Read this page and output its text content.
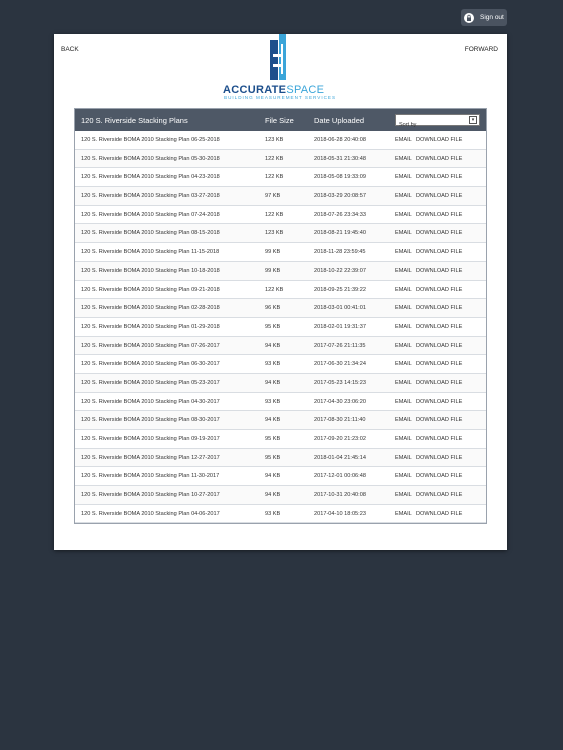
Sign out
BACK	FORWARD
ACCURATESPACE
BUILDING MEASUREMENT SERVICES
120 S. Riverside Stacking Plans	File Size	Date Uploaded	Sort by
▾
120 S. Riverside BOMA 2010 Stacking Plan 06-25-2018	123 KB	2018-06-28 20:40:08	EMAIL DOWNLOAD FILE
120 S. Riverside BOMA 2010 Stacking Plan 05-30-2018	122 KB	2018-05-31 21:30:48	EMAIL DOWNLOAD FILE
120 S. Riverside BOMA 2010 Stacking Plan 04-23-2018	122 KB	2018-05-08 19:33:09	EMAIL DOWNLOAD FILE
120 S. Riverside BOMA 2010 Stacking Plan 03-27-2018	97 KB	2018-03-29 20:08:57	EMAIL DOWNLOAD FILE
120 S. Riverside BOMA 2010 Stacking Plan 07-24-2018	122 KB	2018-07-26 23:34:33	EMAIL DOWNLOAD FILE
120 S. Riverside BOMA 2010 Stacking Plan 08-15-2018	123 KB	2018-08-21 19:45:40	EMAIL DOWNLOAD FILE
120 S. Riverside BOMA 2010 Stacking Plan 11-15-2018	99 KB	2018-11-28 23:59:45	EMAIL DOWNLOAD FILE
120 S. Riverside BOMA 2010 Stacking Plan 10-18-2018	99 KB	2018-10-22 22:39:07	EMAIL DOWNLOAD FILE
120 S. Riverside BOMA 2010 Stacking Plan 09-21-2018	122 KB	2018-09-25 21:39:22	EMAIL DOWNLOAD FILE
120 S. Riverside BOMA 2010 Stacking Plan 02-28-2018	96 KB	2018-03-01 00:41:01	EMAIL DOWNLOAD FILE
120 S. Riverside BOMA 2010 Stacking Plan 01-29-2018	95 KB	2018-02-01 19:31:37	EMAIL DOWNLOAD FILE
120 S. Riverside BOMA 2010 Stacking Plan 07-26-2017	94 KB	2017-07-26 21:11:35	EMAIL DOWNLOAD FILE
120 S. Riverside BOMA 2010 Stacking Plan 06-30-2017	93 KB	2017-06-30 21:34:24	EMAIL DOWNLOAD FILE
120 S. Riverside BOMA 2010 Stacking Plan 05-23-2017	94 KB	2017-05-23 14:15:23	EMAIL DOWNLOAD FILE
120 S. Riverside BOMA 2010 Stacking Plan 04-30-2017	93 KB	2017-04-30 23:06:20	EMAIL DOWNLOAD FILE
120 S. Riverside BOMA 2010 Stacking Plan 08-30-2017	94 KB	2017-08-30 21:11:40	EMAIL DOWNLOAD FILE
120 S. Riverside BOMA 2010 Stacking Plan 09-19-2017	95 KB	2017-09-20 21:23:02	EMAIL DOWNLOAD FILE
120 S. Riverside BOMA 2010 Stacking Plan 12-27-2017	95 KB	2018-01-04 21:45:14	EMAIL DOWNLOAD FILE
120 S. Riverside BOMA 2010 Stacking Plan 11-30-2017	94 KB	2017-12-01 00:06:48	EMAIL DOWNLOAD FILE
120 S. Riverside BOMA 2010 Stacking Plan 10-27-2017	94 KB	2017-10-31 20:40:08	EMAIL DOWNLOAD FILE
120 S. Riverside BOMA 2010 Stacking Plan 04-06-2017	93 KB	2017-04-10 18:05:23	EMAIL DOWNLOAD FILE
